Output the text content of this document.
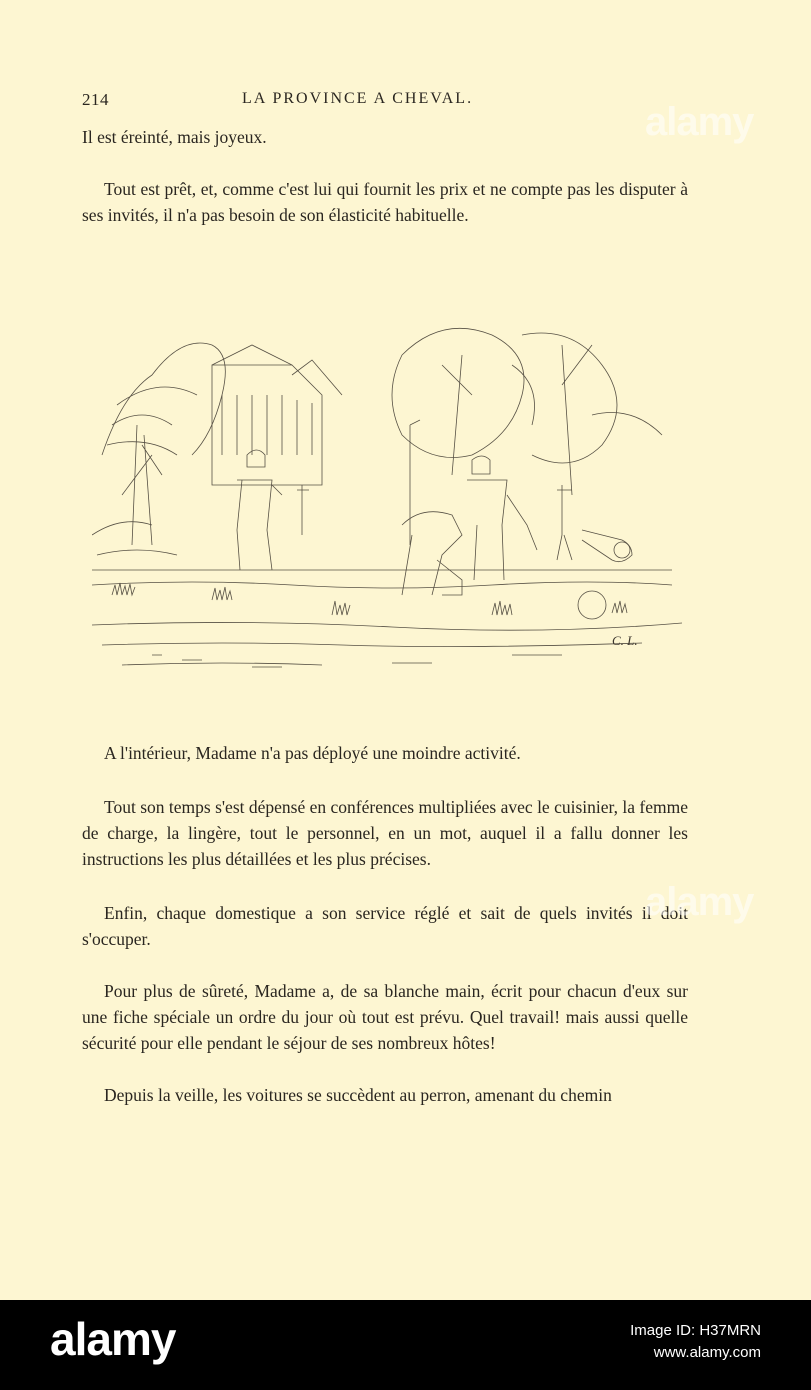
214	LA PROVINCE A CHEVAL.

Il est éreinté, mais joyeux.

Tout est prêt, et, comme c'est lui qui fournit les prix et ne compte pas les disputer à ses invités, il n'a pas besoin de son élasticité habituelle.

C. L.

A l'intérieur, Madame n'a pas déployé une moindre activité.

Tout son temps s'est dépensé en conférences multipliées avec le cuisinier, la femme de charge, la lingère, tout le personnel, en un mot, auquel il a fallu donner les instructions les plus détaillées et les plus précises.

Enfin, chaque domestique a son service réglé et sait de quels invités il doit s'occuper.

Pour plus de sûreté, Madame a, de sa blanche main, écrit pour chacun d'eux sur une fiche spéciale un ordre du jour où tout est prévu. Quel travail! mais aussi quelle sécurité pour elle pendant le séjour de ses nombreux hôtes!

Depuis la veille, les voitures se succèdent au perron, amenant du chemin

alamy
alamy
alamy	Image ID: H37MRN
www.alamy.com
